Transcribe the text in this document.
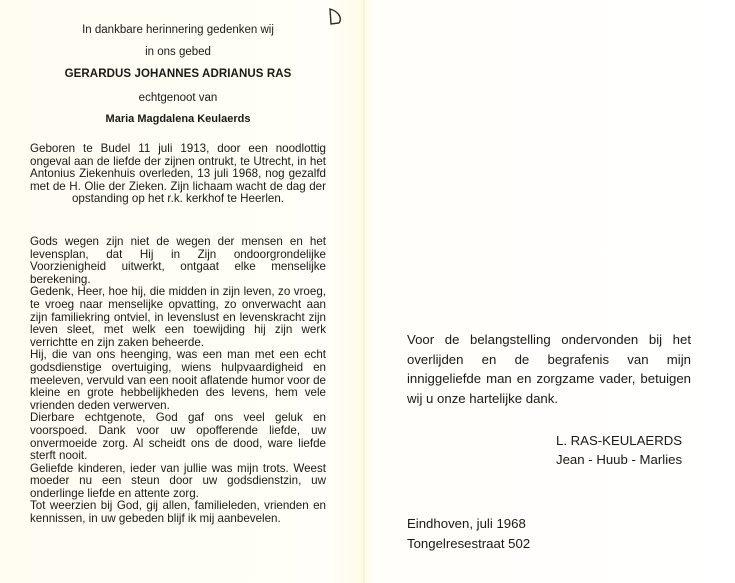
In dankbare herinnering gedenken wij
in ons gebed
GERARDUS JOHANNES ADRIANUS RAS
echtgenoot van
Maria Magdalena Keulaerds
Geboren te Budel 11 juli 1913, door een noodlottig ongeval aan de liefde der zijnen ontrukt, te Utrecht, in het Antonius Ziekenhuis overleden, 13 juli 1968, nog gezalfd met de H. Olie der Zieken. Zijn lichaam wacht de dag der opstanding op het r.k. kerkhof te Heerlen.

Gods wegen zijn niet de wegen der mensen en het levensplan, dat Hij in Zijn ondoorgrondelijke Voorzienigheid uitwerkt, ontgaat elke menselijke berekening.

Gedenk, Heer, hoe hij, die midden in zijn leven, zo vroeg, te vroeg naar menselijke opvatting, zo onverwacht aan zijn familiekring ontviel, in levenslust en levenskracht zijn leven sleet, met welk een toewijding hij zijn werk verrichtte en zijn zaken beheerde.

Hij, die van ons heenging, was een man met een echt godsdienstige overtuiging, wiens hulpvaardigheid en meeleven, vervuld van een nooit aflatende humor voor de kleine en grote hebbelijkheden des levens, hem vele vrienden deden verwerven.

Dierbare echtgenote, God gaf ons veel geluk en voorspoed. Dank voor uw opofferende liefde, uw onvermoeide zorg. Al scheidt ons de dood, ware liefde sterft nooit.

Geliefde kinderen, ieder van jullie was mijn trots. Weest moeder nu een steun door uw godsdienstzin, uw onderlinge liefde en attente zorg.

Tot weerzien bij God, gij allen, familieleden, vrienden en kennissen, in uw gebeden blijf ik mij aanbevelen.

Voor de belangstelling ondervonden bij het overlijden en de begrafenis van mijn inniggeliefde man en zorgzame vader, betuigen wij u onze hartelijke dank.
L. RAS-KEULAERDS
Jean - Huub - Marlies
Eindhoven, juli 1968
Tongelresestraat 502
